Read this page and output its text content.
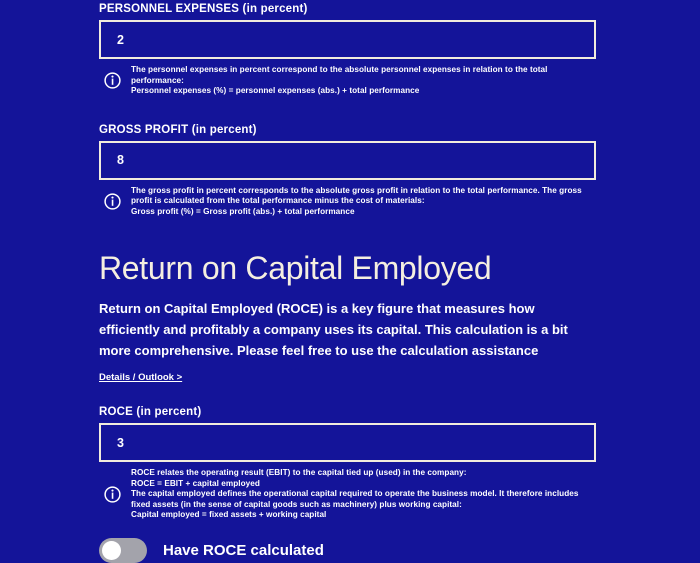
PERSONNEL EXPENSES (in percent)
2
The personnel expenses in percent correspond to the absolute personnel expenses in relation to the total performance:
Personnel expenses (%) = personnel expenses (abs.) + total performance
GROSS PROFIT (in percent)
8
The gross profit in percent corresponds to the absolute gross profit in relation to the total performance. The gross profit is calculated from the total performance minus the cost of materials:
Gross profit (%) = Gross profit (abs.) + total performance
Return on Capital Employed

Return on Capital Employed (ROCE) is a key figure that measures how efficiently and profitably a company uses its capital. This calculation is a bit more comprehensive. Please feel free to use the calculation assistance

Details / Outlook >
ROCE (in percent)
3
ROCE relates the operating result (EBIT) to the capital tied up (used) in the company:
ROCE = EBIT + capital employed
The capital employed defines the operational capital required to operate the business model. It therefore includes fixed assets (in the sense of capital goods such as machinery) plus working capital:
Capital employed = fixed assets + working capital
Have ROCE calculated
